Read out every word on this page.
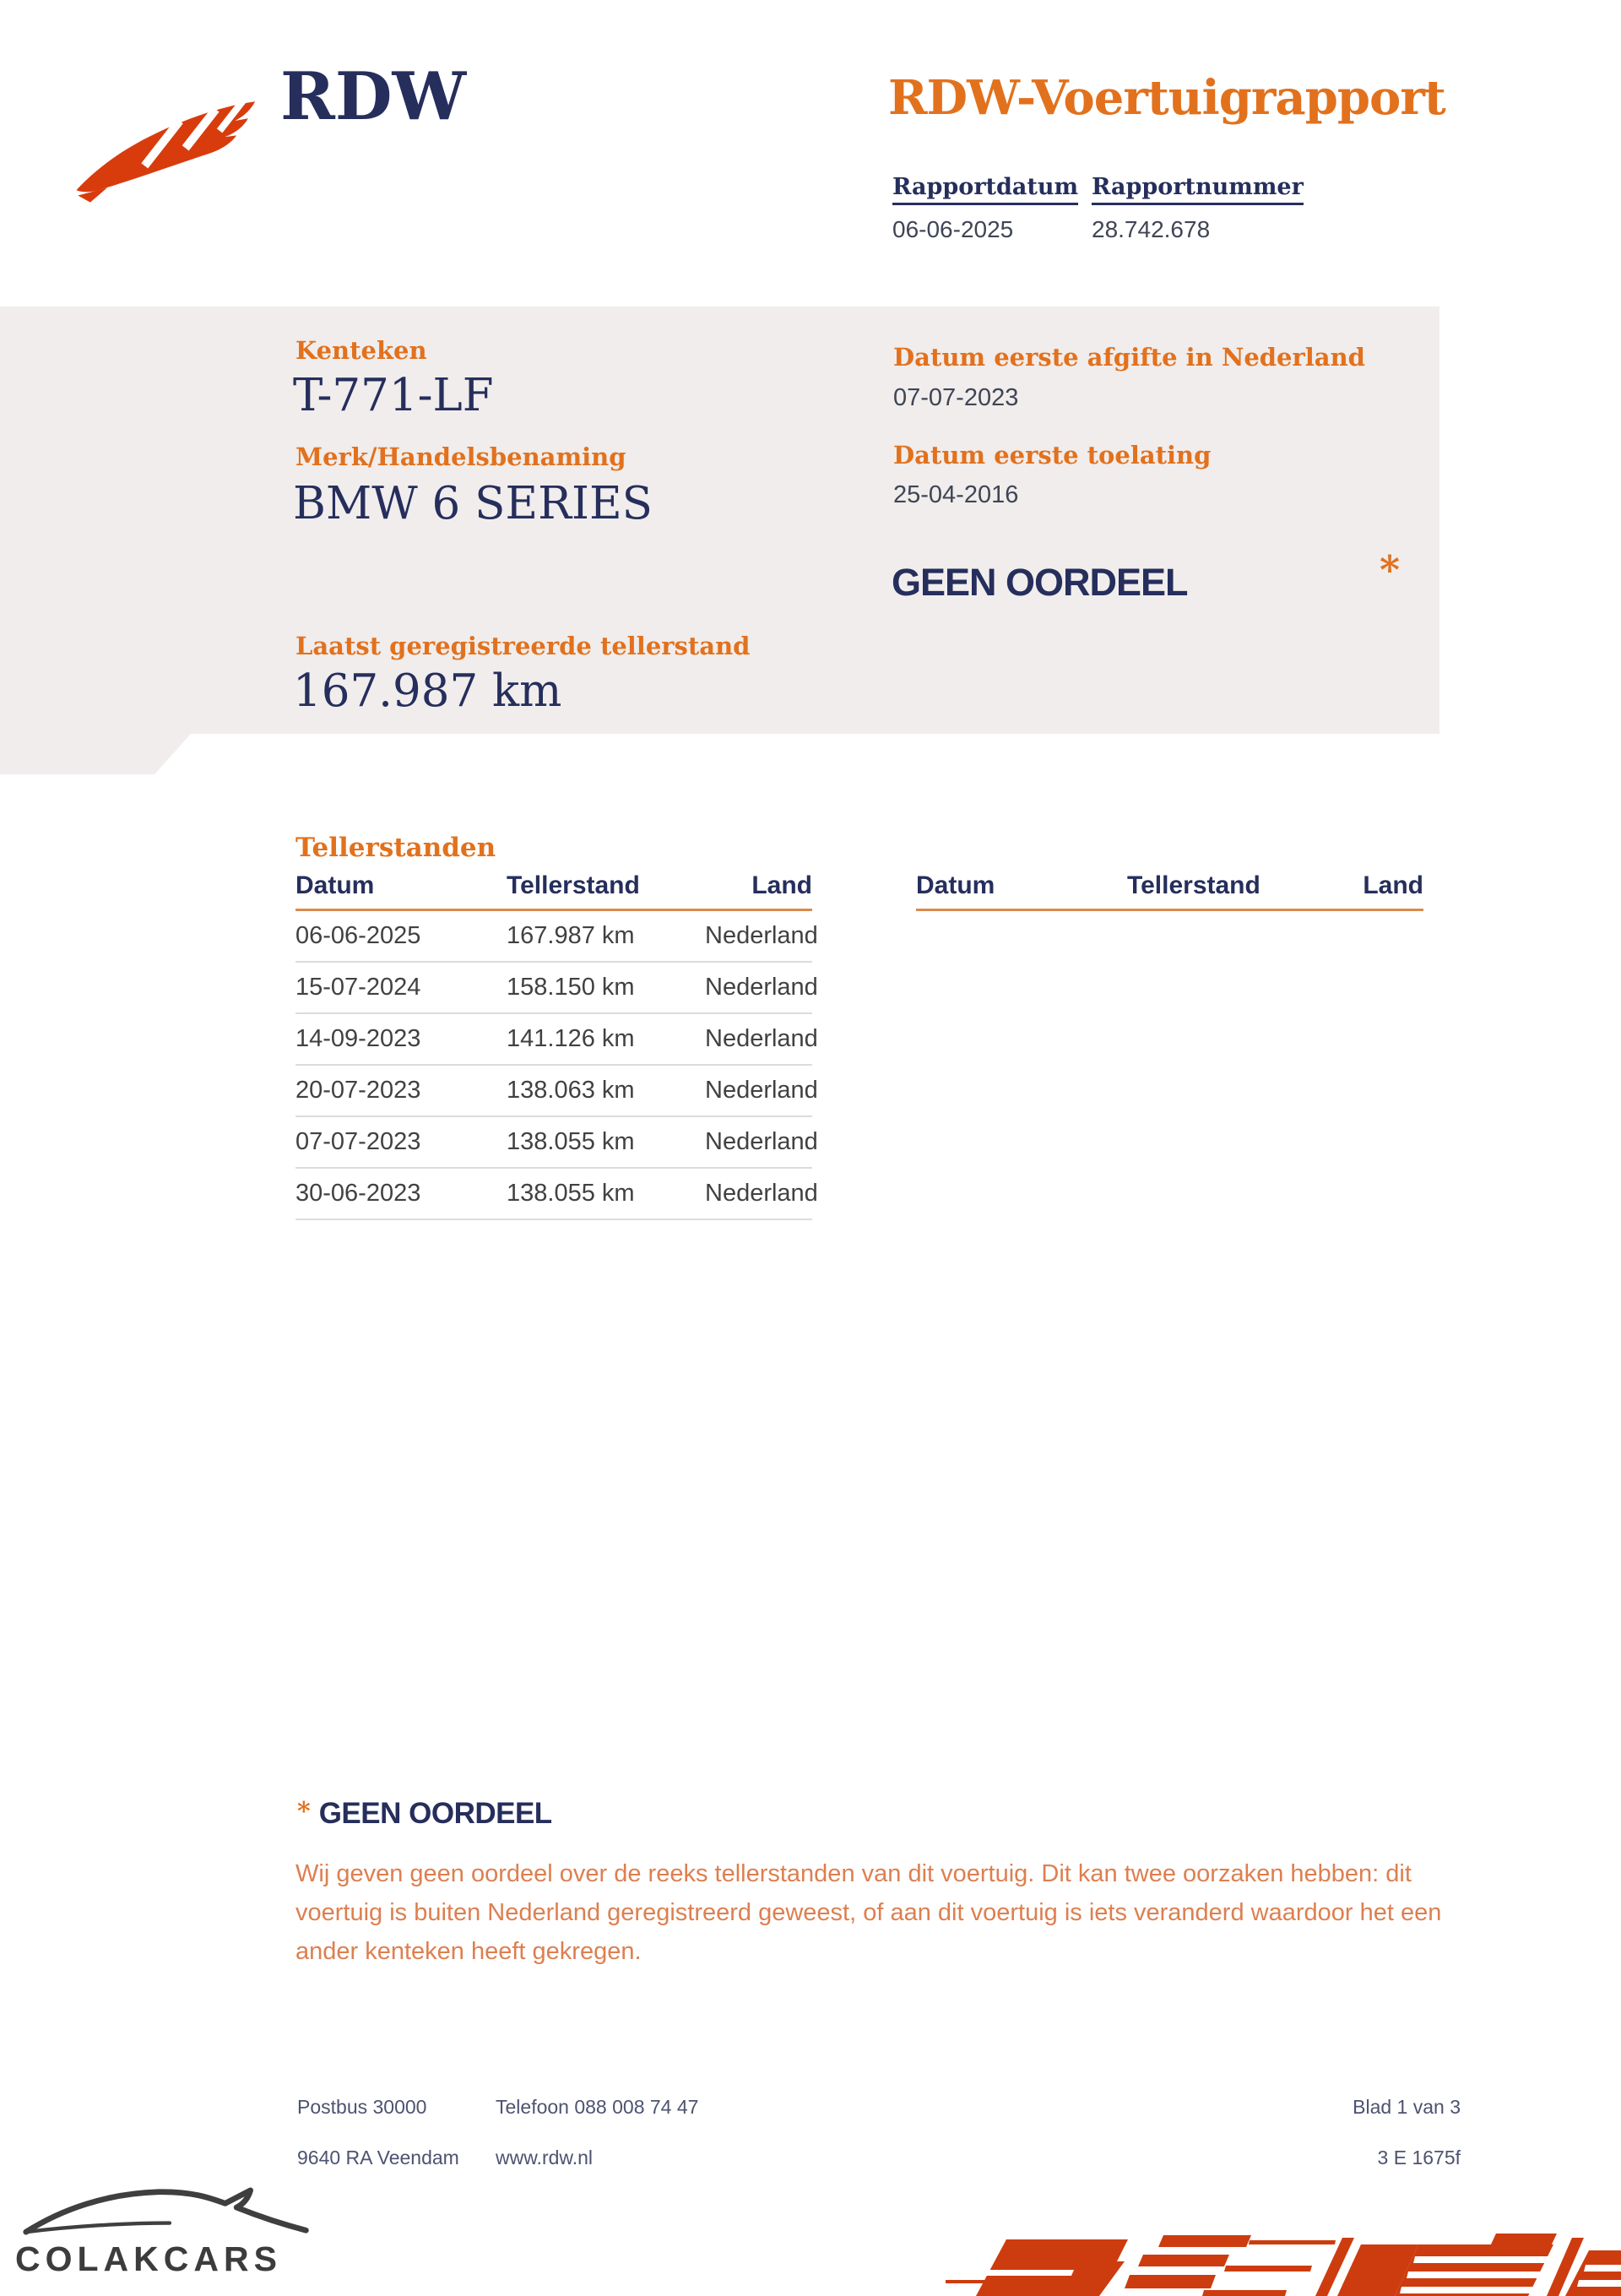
RDW	RDW-Voertuigrapport
Rapportdatum
06-06-2025
Rapportnummer
28.742.678
Kenteken
T-771-LF
Merk/Handelsbenaming
BMW 6 SERIES
Laatst geregistreerde tellerstand
167.987 km
Datum eerste afgifte in Nederland
07-07-2023
Datum eerste toelating
25-04-2016
GEEN OORDEEL	*
Tellerstanden
Datum	Tellerstand	Land
06-06-2025	167.987 km	Nederland
15-07-2024	158.150 km	Nederland
14-09-2023	141.126 km	Nederland
20-07-2023	138.063 km	Nederland
07-07-2023	138.055 km	Nederland
30-06-2023	138.055 km	Nederland
Datum	Tellerstand	Land
* GEEN OORDEEL
Wij geven geen oordeel over de reeks tellerstanden van dit voertuig. Dit kan twee oorzaken hebben: dit
voertuig is buiten Nederland geregistreerd geweest, of aan dit voertuig is iets veranderd waardoor het een
ander kenteken heeft gekregen.
Postbus 30000
9640 RA Veendam
Telefoon 088 008 74 47
www.rdw.nl
Blad 1 van 3
3 E 1675f
COLAKCARS
